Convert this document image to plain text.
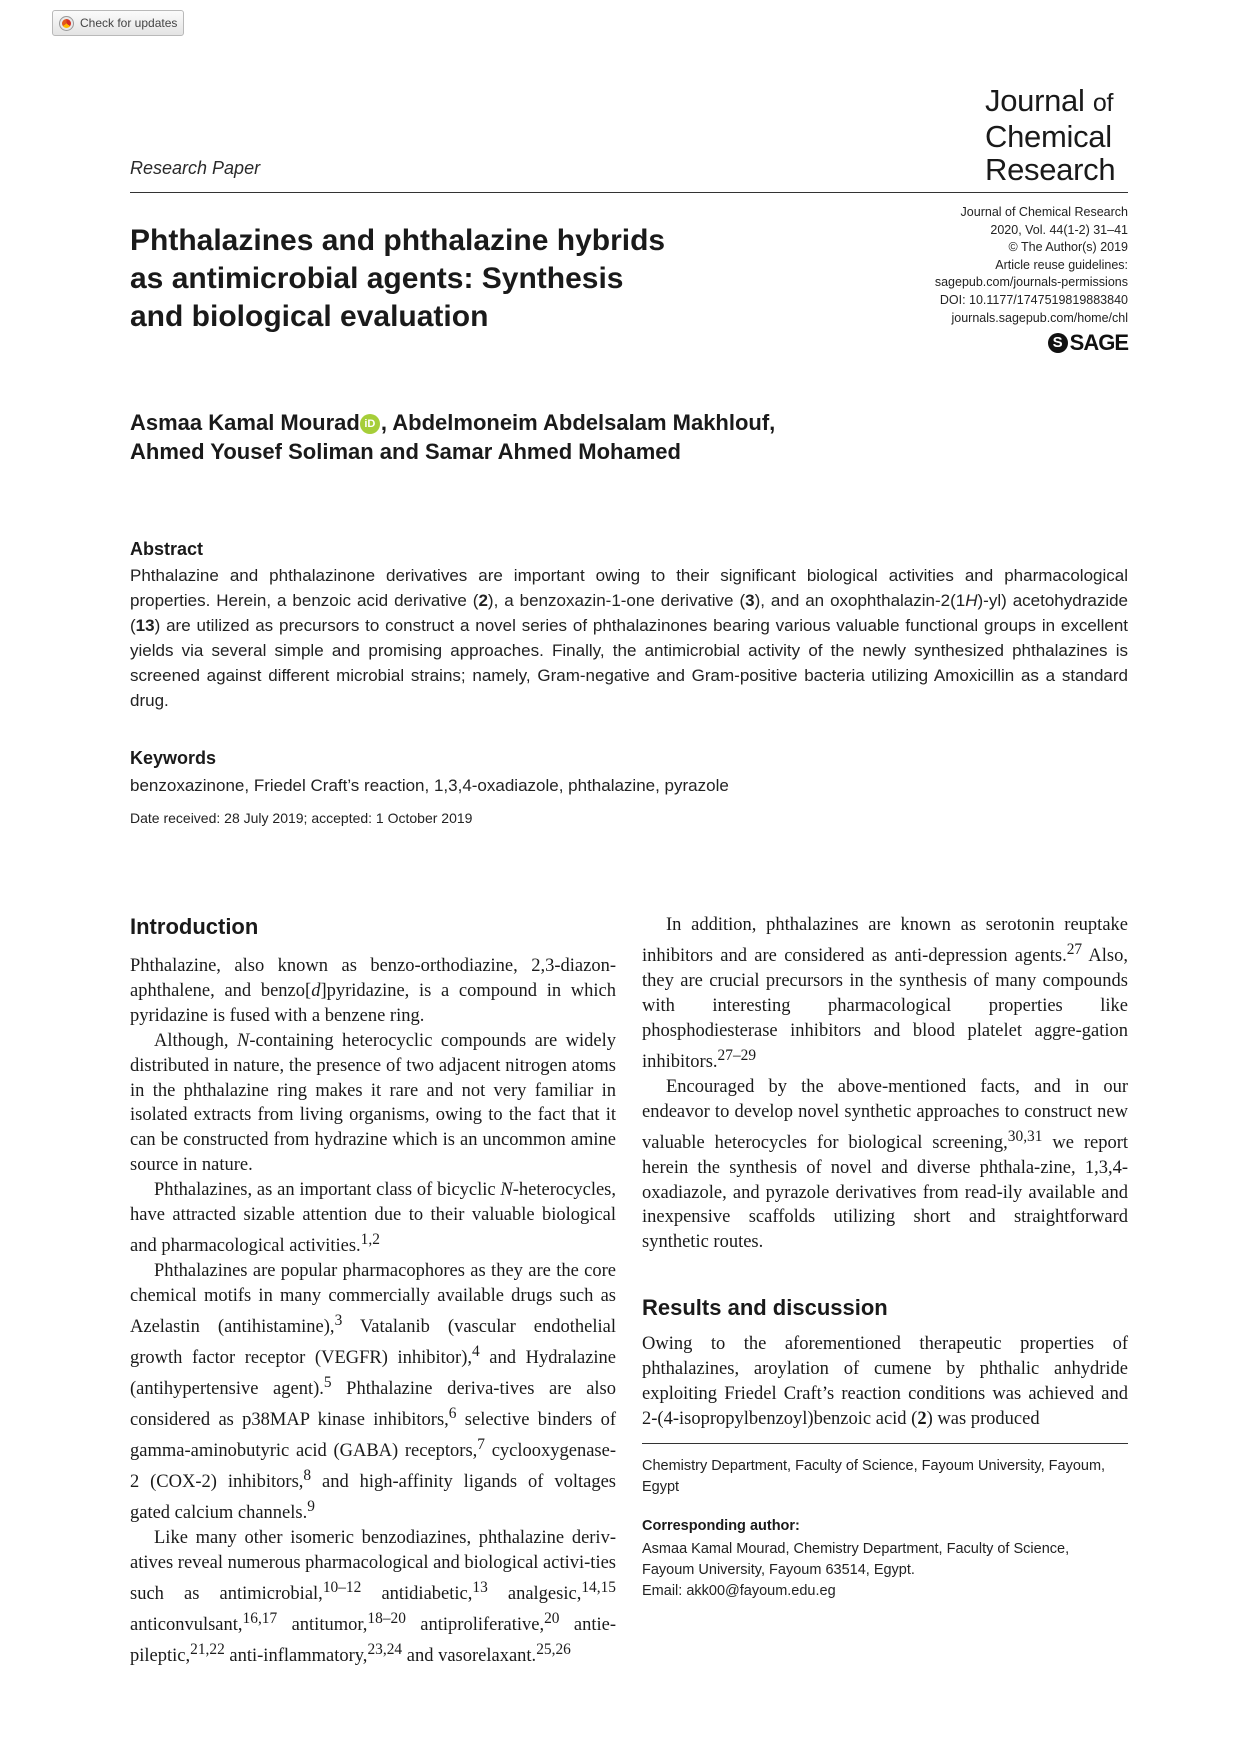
Check for updates
Research Paper
Journal of
Chemical
Research
Phthalazines and phthalazine hybrids
as antimicrobial agents: Synthesis
and biological evaluation
Journal of Chemical Research
2020, Vol. 44(1-2) 31–41
© The Author(s) 2019
Article reuse guidelines:
sagepub.com/journals-permissions
DOI: 10.1177/1747519819883840
journals.sagepub.com/home/chl
S SAGE
Asmaa Kamal Mourad iD , Abdelmoneim Abdelsalam Makhlouf,
Ahmed Yousef Soliman and Samar Ahmed Mohamed
Abstract
Phthalazine and phthalazinone derivatives are important owing to their significant biological activities and pharmacological properties. Herein, a benzoic acid derivative (2), a benzoxazin-1-one derivative (3), and an oxophthalazin-2(1H)-yl) acetohydrazide (13) are utilized as precursors to construct a novel series of phthalazinones bearing various valuable functional groups in excellent yields via several simple and promising approaches. Finally, the antimicrobial activity of the newly synthesized phthalazines is screened against different microbial strains; namely, Gram-negative and Gram-positive bacteria utilizing Amoxicillin as a standard drug.
Keywords
benzoxazinone, Friedel Craft’s reaction, 1,3,4-oxadiazole, phthalazine, pyrazole
Date received: 28 July 2019; accepted: 1 October 2019
Introduction

Phthalazine, also known as benzo-orthodiazine, 2,3-diazon-aphthalene, and benzo[d]pyridazine, is a compound in which pyridazine is fused with a benzene ring.

Although, N-containing heterocyclic compounds are widely distributed in nature, the presence of two adjacent nitrogen atoms in the phthalazine ring makes it rare and not very familiar in isolated extracts from living organisms, owing to the fact that it can be constructed from hydrazine which is an uncommon amine source in nature.

Phthalazines, as an important class of bicyclic N-heterocycles, have attracted sizable attention due to their valuable biological and pharmacological activities.$^{1,2}$

Phthalazines are popular pharmacophores as they are the core chemical motifs in many commercially available drugs such as Azelastin (antihistamine),$^3$ Vatalanib (vascular endothelial growth factor receptor (VEGFR) inhibitor),$^4$ and Hydralazine (antihypertensive agent).$^5$ Phthalazine deriva-tives are also considered as p38MAP kinase inhibitors,$^6$ selective binders of gamma-aminobutyric acid (GABA) receptors,$^7$ cyclooxygenase-2 (COX-2) inhibitors,$^8$ and high-affinity ligands of voltages gated calcium channels.$^9$

Like many other isomeric benzodiazines, phthalazine deriv-atives reveal numerous pharmacological and biological activi-ties such as antimicrobial,$^{10-12}$ antidiabetic,$^{13}$ analgesic,$^{14,15}$ anticonvulsant,$^{16,17}$ antitumor,$^{18-20}$ antiproliferative,$^{20}$ antie-pileptic,$^{21,22}$ anti-inflammatory,$^{23,24}$ and vasorelaxant.$^{25,26}$

In addition, phthalazines are known as serotonin reuptake inhibitors and are considered as anti-depression agents.$^{27}$ Also, they are crucial precursors in the synthesis of many compounds with interesting pharmacological properties like phosphodiesterase inhibitors and blood platelet aggre-gation inhibitors.$^{27-29}$

Encouraged by the above-mentioned facts, and in our endeavor to develop novel synthetic approaches to construct new valuable heterocycles for biological screening,$^{30,31}$ we report herein the synthesis of novel and diverse phthala-zine, 1,3,4-oxadiazole, and pyrazole derivatives from read-ily available and inexpensive scaffolds utilizing short and straightforward synthetic routes.

Results and discussion

Owing to the aforementioned therapeutic properties of phthalazines, aroylation of cumene by phthalic anhydride exploiting Friedel Craft’s reaction conditions was achieved and 2-(4-isopropylbenzoyl)benzoic acid (2) was produced

Chemistry Department, Faculty of Science, Fayoum University, Fayoum, Egypt
Corresponding author:
Asmaa Kamal Mourad, Chemistry Department, Faculty of Science,
Fayoum University, Fayoum 63514, Egypt.
Email: akk00@fayoum.edu.eg
